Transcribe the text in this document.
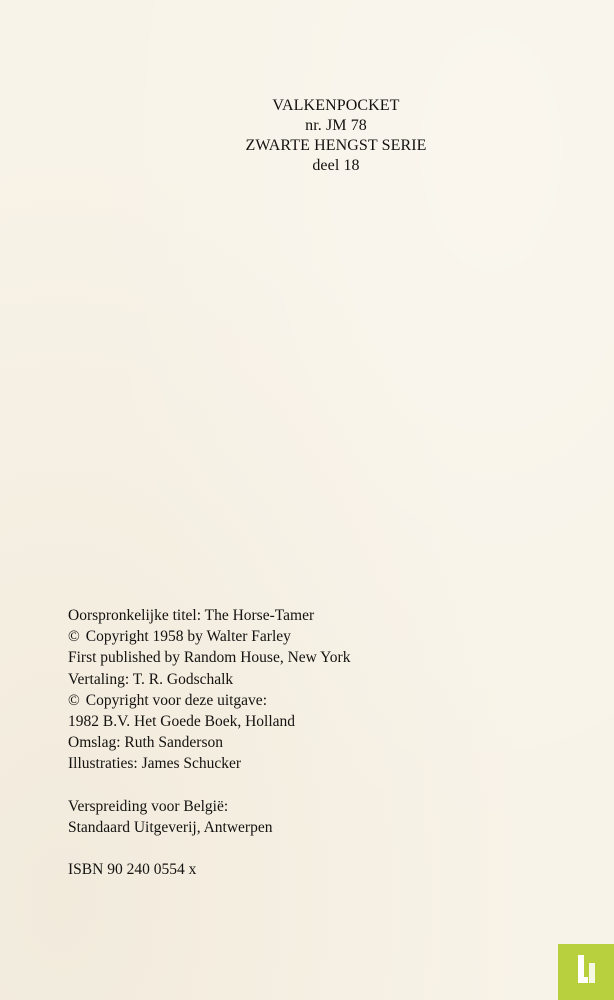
VALKENPOCKET
nr. JM 78
ZWARTE HENGST SERIE
deel 18
Oorspronkelijke titel: The Horse-Tamer
© Copyright 1958 by Walter Farley
First published by Random House, New York
Vertaling: T. R. Godschalk
© Copyright voor deze uitgave:
1982 B.V. Het Goede Boek, Holland
Omslag: Ruth Sanderson
Illustraties: James Schucker
Verspreiding voor België:
Standaard Uitgeverij, Antwerpen
ISBN 90 240 0554 x
